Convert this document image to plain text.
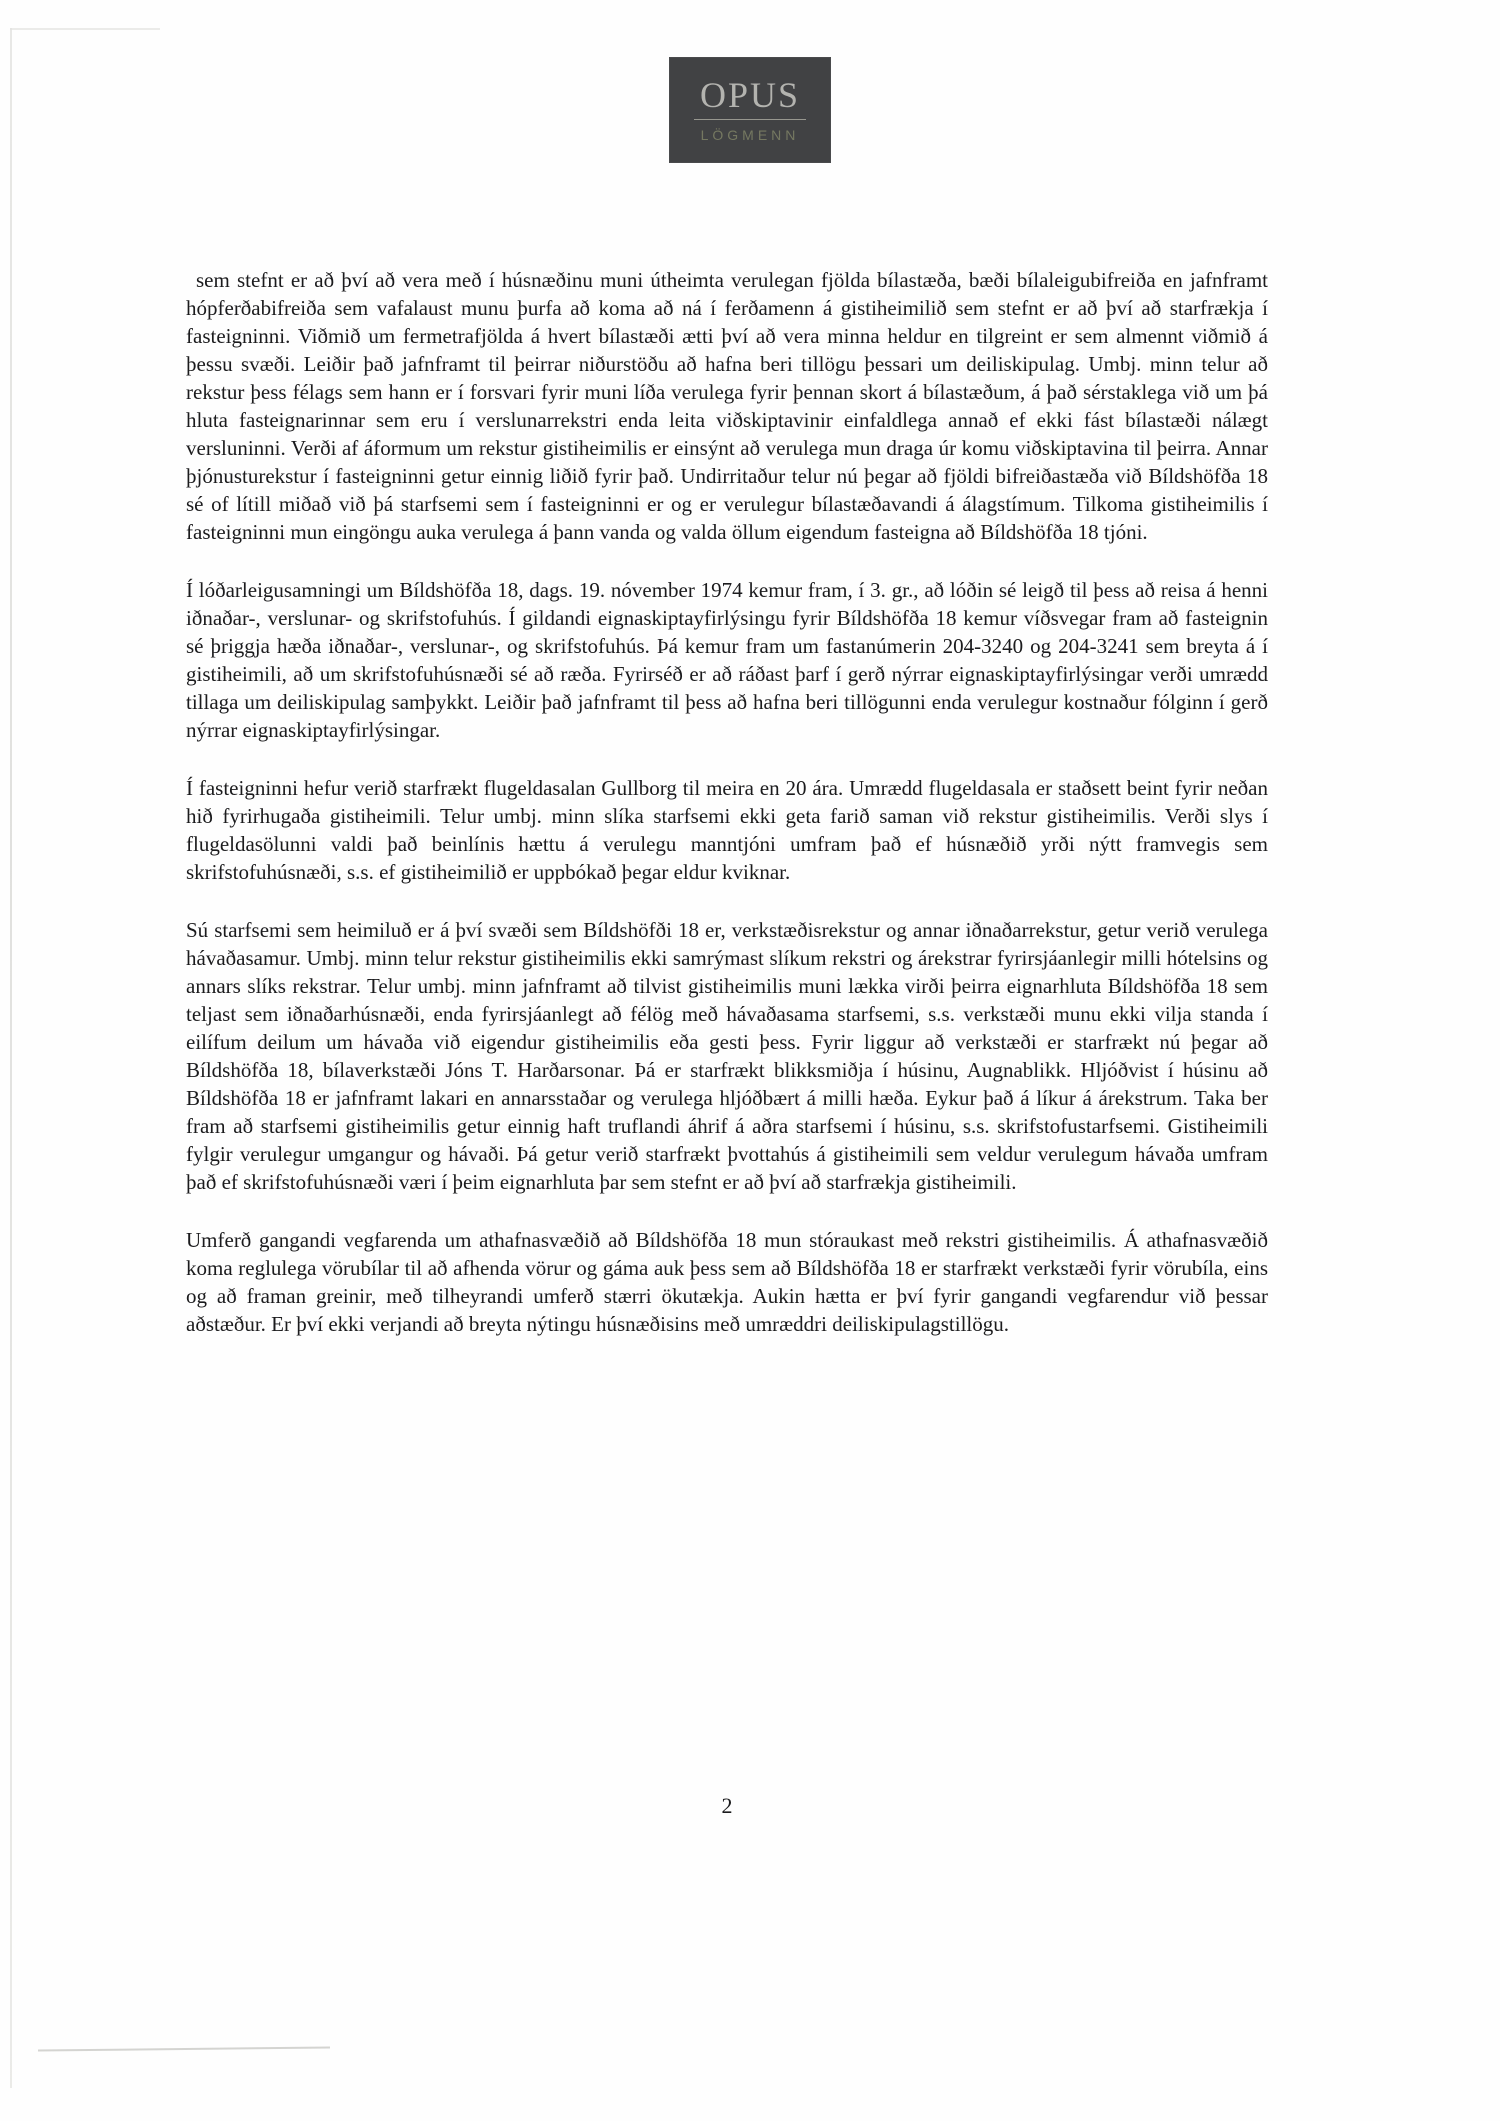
OPUS
LÖGMENN

sem stefnt er að því að vera með í húsnæðinu muni útheimta verulegan fjölda bílastæða, bæði bílaleigubifreiða en jafnframt hópferðabifreiða sem vafalaust munu þurfa að koma að ná í ferðamenn á gistiheimilið sem stefnt er að því að starfrækja í fasteigninni. Viðmið um fermetrafjölda á hvert bílastæði ætti því að vera minna heldur en tilgreint er sem almennt viðmið á þessu svæði. Leiðir það jafnframt til þeirrar niðurstöðu að hafna beri tillögu þessari um deiliskipulag. Umbj. minn telur að rekstur þess félags sem hann er í forsvari fyrir muni líða verulega fyrir þennan skort á bílastæðum, á það sérstaklega við um þá hluta fasteignarinnar sem eru í verslunarrekstri enda leita viðskiptavinir einfaldlega annað ef ekki fást bílastæði nálægt versluninni. Verði af áformum um rekstur gistiheimilis er einsýnt að verulega mun draga úr komu viðskiptavina til þeirra. Annar þjónusturekstur í fasteigninni getur einnig liðið fyrir það. Undirritaður telur nú þegar að fjöldi bifreiðastæða við Bíldshöfða 18 sé of lítill miðað við þá starfsemi sem í fasteigninni er og er verulegur bílastæðavandi á álagstímum. Tilkoma gistiheimilis í fasteigninni mun eingöngu auka verulega á þann vanda og valda öllum eigendum fasteigna að Bíldshöfða 18 tjóni.

Í lóðarleigusamningi um Bíldshöfða 18, dags. 19. nóvember 1974 kemur fram, í 3. gr., að lóðin sé leigð til þess að reisa á henni iðnaðar-, verslunar- og skrifstofuhús. Í gildandi eignaskiptayfirlýsingu fyrir Bíldshöfða 18 kemur víðsvegar fram að fasteignin sé þriggja hæða iðnaðar-, verslunar-, og skrifstofuhús. Þá kemur fram um fastanúmerin 204-3240 og 204-3241 sem breyta á í gistiheimili, að um skrifstofuhúsnæði sé að ræða. Fyrirséð er að ráðast þarf í gerð nýrrar eignaskiptayfirlýsingar verði umrædd tillaga um deiliskipulag samþykkt. Leiðir það jafnframt til þess að hafna beri tillögunni enda verulegur kostnaður fólginn í gerð nýrrar eignaskiptayfirlýsingar.

Í fasteigninni hefur verið starfrækt flugeldasalan Gullborg til meira en 20 ára. Umrædd flugeldasala er staðsett beint fyrir neðan hið fyrirhugaða gistiheimili. Telur umbj. minn slíka starfsemi ekki geta farið saman við rekstur gistiheimilis. Verði slys í flugeldasölunni valdi það beinlínis hættu á verulegu manntjóni umfram það ef húsnæðið yrði nýtt framvegis sem skrifstofuhúsnæði, s.s. ef gistiheimilið er uppbókað þegar eldur kviknar.

Sú starfsemi sem heimiluð er á því svæði sem Bíldshöfði 18 er, verkstæðisrekstur og annar iðnaðarrekstur, getur verið verulega hávaðasamur. Umbj. minn telur rekstur gistiheimilis ekki samrýmast slíkum rekstri og árekstrar fyrirsjáanlegir milli hótelsins og annars slíks rekstrar. Telur umbj. minn jafnframt að tilvist gistiheimilis muni lækka virði þeirra eignarhluta Bíldshöfða 18 sem teljast sem iðnaðarhúsnæði, enda fyrirsjáanlegt að félög með hávaðasama starfsemi, s.s. verkstæði munu ekki vilja standa í eilífum deilum um hávaða við eigendur gistiheimilis eða gesti þess. Fyrir liggur að verkstæði er starfrækt nú þegar að Bíldshöfða 18, bílaverkstæði Jóns T. Harðarsonar. Þá er starfrækt blikksmiðja í húsinu, Augnablikk. Hljóðvist í húsinu að Bíldshöfða 18 er jafnframt lakari en annarsstaðar og verulega hljóðbært á milli hæða. Eykur það á líkur á árekstrum. Taka ber fram að starfsemi gistiheimilis getur einnig haft truflandi áhrif á aðra starfsemi í húsinu, s.s. skrifstofustarfsemi. Gistiheimili fylgir verulegur umgangur og hávaði. Þá getur verið starfrækt þvottahús á gistiheimili sem veldur verulegum hávaða umfram það ef skrifstofuhúsnæði væri í þeim eignarhluta þar sem stefnt er að því að starfrækja gistiheimili.

Umferð gangandi vegfarenda um athafnasvæðið að Bíldshöfða 18 mun stóraukast með rekstri gistiheimilis. Á athafnasvæðið koma reglulega vörubílar til að afhenda vörur og gáma auk þess sem að Bíldshöfða 18 er starfrækt verkstæði fyrir vörubíla, eins og að framan greinir, með tilheyrandi umferð stærri ökutækja. Aukin hætta er því fyrir gangandi vegfarendur við þessar aðstæður. Er því ekki verjandi að breyta nýtingu húsnæðisins með umræddri deiliskipulagstillögu.

2
